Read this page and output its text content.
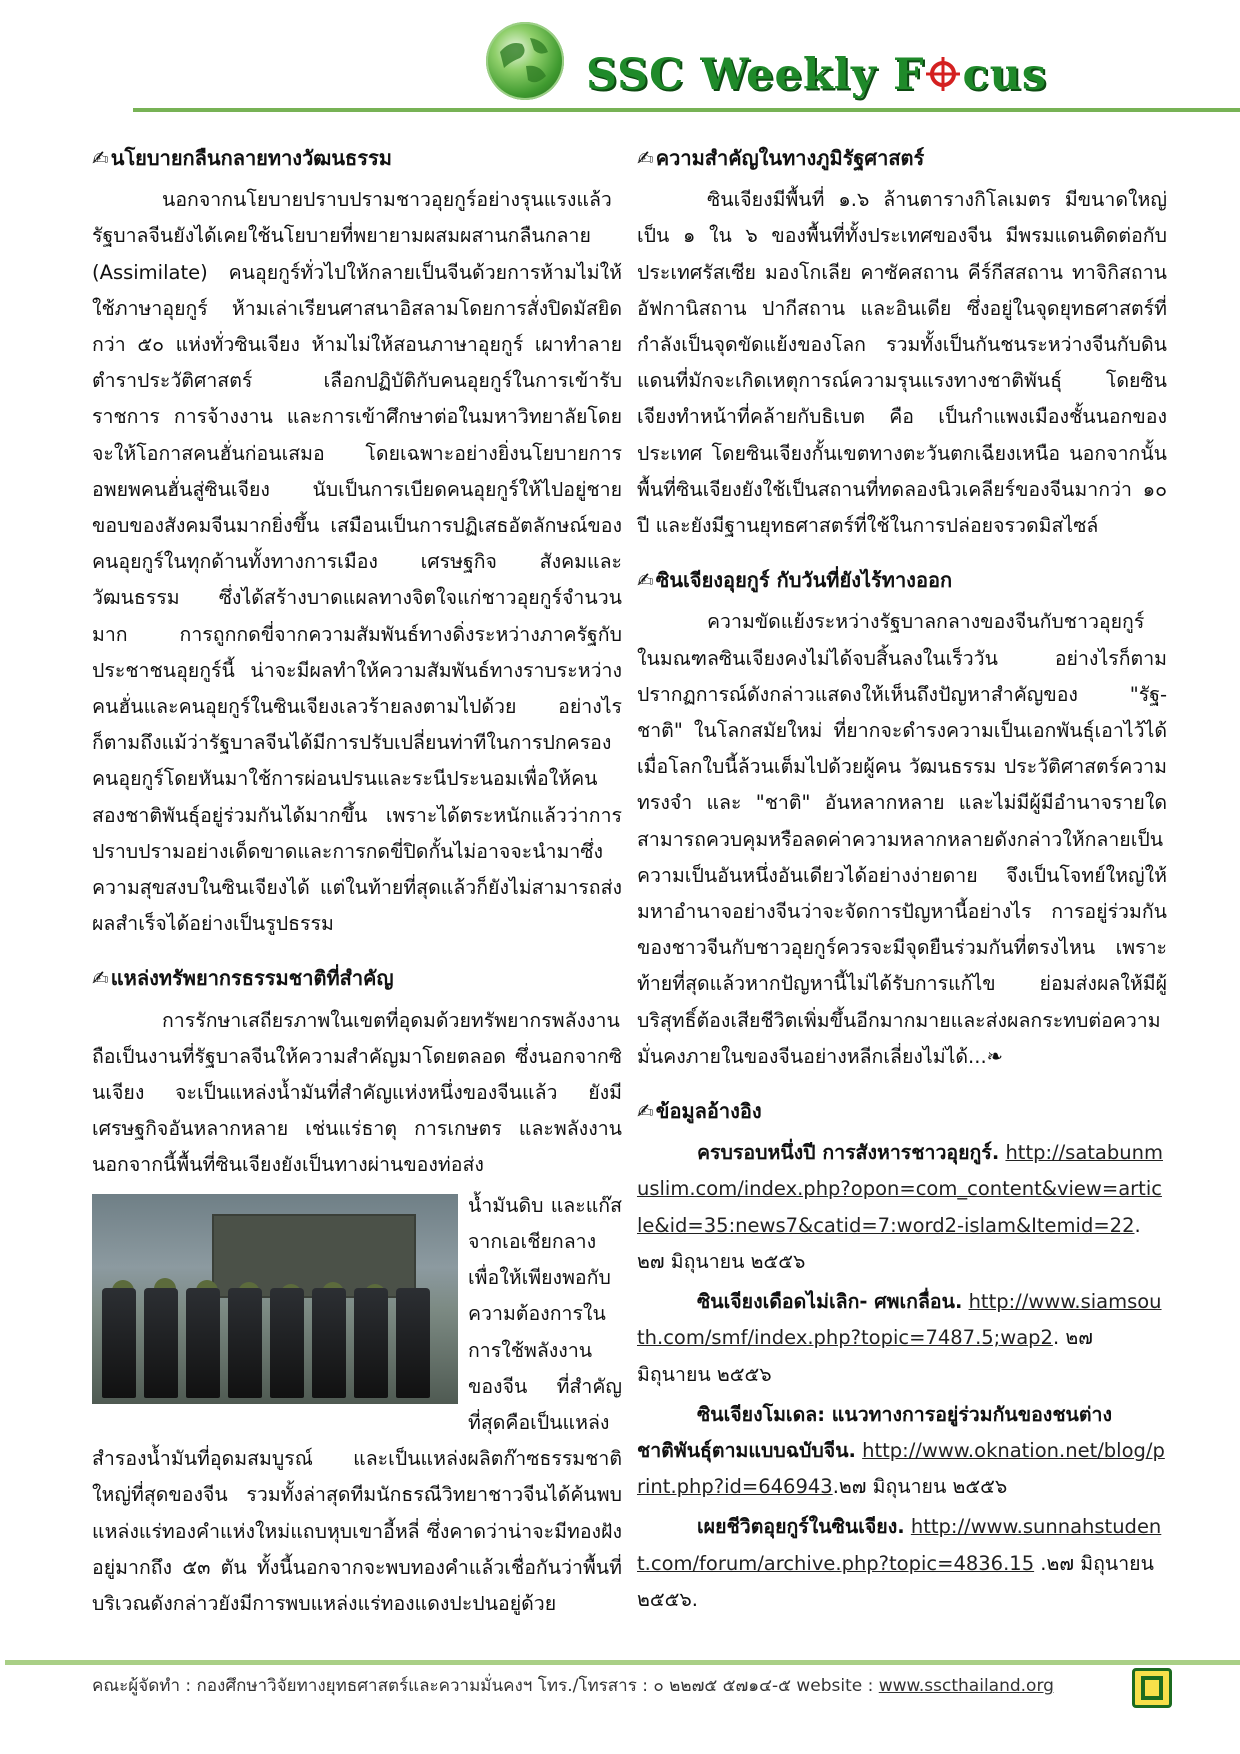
SSC Weekly F cus
✍ นโยบายกลืนกลายทางวัฒนธรรม
นอกจากนโยบายปราบปรามชาวอุยกูร์อย่างรุนแรงแล้ว รัฐบาลจีนยังได้เคยใช้นโยบายที่พยายามผสมผสานกลืนกลาย (Assimilate) คนอุยกูร์ทั่วไปให้กลายเป็นจีนด้วยการห้ามไม่ให้ใช้ภาษาอุยกูร์ ห้ามเล่าเรียนศาสนาอิสลามโดยการสั่งปิดมัสยิดกว่า ๕๐ แห่งทั่วซินเจียง ห้ามไม่ให้สอนภาษาอุยกูร์ เผาทำลายตำราประวัติศาสตร์ เลือกปฏิบัติกับคนอุยกูร์ในการเข้ารับราชการ การจ้างงาน และการเข้าศึกษาต่อในมหาวิทยาลัยโดยจะให้โอกาสคนฮั่นก่อนเสมอ โดยเฉพาะอย่างยิ่งนโยบายการอพยพคนฮั่นสู่ซินเจียง นับเป็นการเบียดคนอุยกูร์ให้ไปอยู่ชายขอบของสังคมจีนมากยิ่งขึ้น เสมือนเป็นการปฏิเสธอัตลักษณ์ของคนอุยกูร์ในทุกด้านทั้งทางการเมือง เศรษฐกิจ สังคมและวัฒนธรรม ซึ่งได้สร้างบาดแผลทางจิตใจแก่ชาวอุยกูร์จำนวนมาก การถูกกดขี่จากความสัมพันธ์ทางดิ่งระหว่างภาครัฐกับประชาชนอุยกูร์นี้ น่าจะมีผลทำให้ความสัมพันธ์ทางราบระหว่างคนฮั่นและคนอุยกูร์ในซินเจียงเลวร้ายลงตามไปด้วย อย่างไรก็ตามถึงแม้ว่ารัฐบาลจีนได้มีการปรับเปลี่ยนท่าทีในการปกครองคนอุยกูร์โดยหันมาใช้การผ่อนปรนและระนีประนอมเพื่อให้คนสองชาติพันธุ์อยู่ร่วมกันได้มากขึ้น เพราะได้ตระหนักแล้วว่าการปราบปรามอย่างเด็ดขาดและการกดขี่ปิดกั้นไม่อาจจะนำมาซึ่งความสุขสงบในซินเจียงได้ แต่ในท้ายที่สุดแล้วก็ยังไม่สามารถส่งผลสำเร็จได้อย่างเป็นรูปธรรม
✍ แหล่งทรัพยากรธรรมชาติที่สำคัญ
การรักษาเสถียรภาพในเขตที่อุดมด้วยทรัพยากรพลังงานถือเป็นงานที่รัฐบาลจีนให้ความสำคัญมาโดยตลอด ซึ่งนอกจากซินเจียง จะเป็นแหล่งน้ำมันที่สำคัญแห่งหนึ่งของจีนแล้ว ยังมีเศรษฐกิจอันหลากหลาย เช่นแร่ธาตุ การเกษตร และพลังงาน นอกจากนี้พื้นที่ซินเจียงยังเป็นทางผ่านของท่อส่ง
น้ำมันดิบ และแก๊สจากเอเชียกลาง เพื่อให้เพียงพอกับความต้องการในการใช้พลังงานของจีน ที่สำคัญที่สุดคือเป็นแหล่งสำรองน้ำมันที่อุดมสมบูรณ์ และเป็นแหล่งผลิตก๊าซธรรมชาติใหญ่ที่สุดของจีน รวมทั้งล่าสุดทีมนักธรณีวิทยาชาวจีนได้ค้นพบแหล่งแร่ทองคำแห่งใหม่แถบหุบเขาอี้หลี่ ซึ่งคาดว่าน่าจะมีทองฝังอยู่มากถึง ๕๓ ตัน ทั้งนี้นอกจากจะพบทองคำแล้วเชื่อกันว่าพื้นที่บริเวณดังกล่าวยังมีการพบแหล่งแร่ทองแดงปะปนอยู่ด้วย
✍ ความสำคัญในทางภูมิรัฐศาสตร์
ซินเจียงมีพื้นที่ ๑.๖ ล้านตารางกิโลเมตร มีขนาดใหญ่เป็น ๑ ใน ๖ ของพื้นที่ทั้งประเทศของจีน มีพรมแดนติดต่อกับประเทศรัสเซีย มองโกเลีย คาซัคสถาน คีร์กีสสถาน ทาจิกิสถาน อัฟกานิสถาน ปากีสถาน และอินเดีย ซึ่งอยู่ในจุดยุทธศาสตร์ที่กำลังเป็นจุดขัดแย้งของโลก รวมทั้งเป็นกันชนระหว่างจีนกับดินแดนที่มักจะเกิดเหตุการณ์ความรุนแรงทางชาติพันธุ์ โดยซินเจียงทำหน้าที่คล้ายกับธิเบต คือ เป็นกำแพงเมืองชั้นนอกของประเทศ โดยซินเจียงกั้นเขตทางตะวันตกเฉียงเหนือ นอกจากนั้นพื้นที่ซินเจียงยังใช้เป็นสถานที่ทดลองนิวเคลียร์ของจีนมากว่า ๑๐ ปี และยังมีฐานยุทธศาสตร์ที่ใช้ในการปล่อยจรวดมิสไซล์
✍ ซินเจียงอุยกูร์ กับวันที่ยังไร้ทางออก
ความขัดแย้งระหว่างรัฐบาลกลางของจีนกับชาวอุยกูร์ในมณฑลซินเจียงคงไม่ได้จบสิ้นลงในเร็ววัน อย่างไรก็ตามปรากฏการณ์ดังกล่าวแสดงให้เห็นถึงปัญหาสำคัญของ "รัฐ-ชาติ" ในโลกสมัยใหม่ ที่ยากจะดำรงความเป็นเอกพันธุ์เอาไว้ได้ เมื่อโลกใบนี้ล้วนเต็มไปด้วยผู้คน วัฒนธรรม ประวัติศาสตร์ความทรงจำ และ "ชาติ" อันหลากหลาย และไม่มีผู้มีอำนาจรายใดสามารถควบคุมหรือลดค่าความหลากหลายดังกล่าวให้กลายเป็นความเป็นอันหนึ่งอันเดียวได้อย่างง่ายดาย จึงเป็นโจทย์ใหญ่ให้มหาอำนาจอย่างจีนว่าจะจัดการปัญหานี้อย่างไร การอยู่ร่วมกันของชาวจีนกับชาวอุยกูร์ควรจะมีจุดยืนร่วมกันที่ตรงไหน เพราะท้ายที่สุดแล้วหากปัญหานี้ไม่ได้รับการแก้ไข ย่อมส่งผลให้มีผู้บริสุทธิ์ต้องเสียชีวิตเพิ่มขึ้นอีกมากมายและส่งผลกระทบต่อความมั่นคงภายในของจีนอย่างหลีกเลี่ยงไม่ได้...❧
✍ ข้อมูลอ้างอิง
ครบรอบหนึ่งปี การสังหารชาวอุยกูร์. http://satabunmuslim.com/index.php?opon=com_content&view=article&id=35:news7&catid=7:word2-islam&Itemid=22. ๒๗ มิถุนายน ๒๕๕๖
ซินเจียงเดือดไม่เลิก- ศพเกลื่อน. http://www.siamsouth.com/smf/index.php?topic=7487.5;wap2. ๒๗ มิถุนายน ๒๕๕๖
ซินเจียงโมเดล: แนวทางการอยู่ร่วมกันของชนต่างชาติพันธุ์ตามแบบฉบับจีน. http://www.oknation.net/blog/print.php?id=646943.๒๗ มิถุนายน ๒๕๕๖
เผยชีวิตอุยกูร์ในซินเจียง. http://www.sunnahstudent.com/forum/archive.php?topic=4836.15 .๒๗ มิถุนายน ๒๕๕๖.
คณะผู้จัดทำ : กองศึกษาวิจัยทางยุทธศาสตร์และความมั่นคงฯ โทร./โทรสาร : ๐ ๒๒๗๕ ๕๗๑๔-๕ website : www.sscthailand.org
